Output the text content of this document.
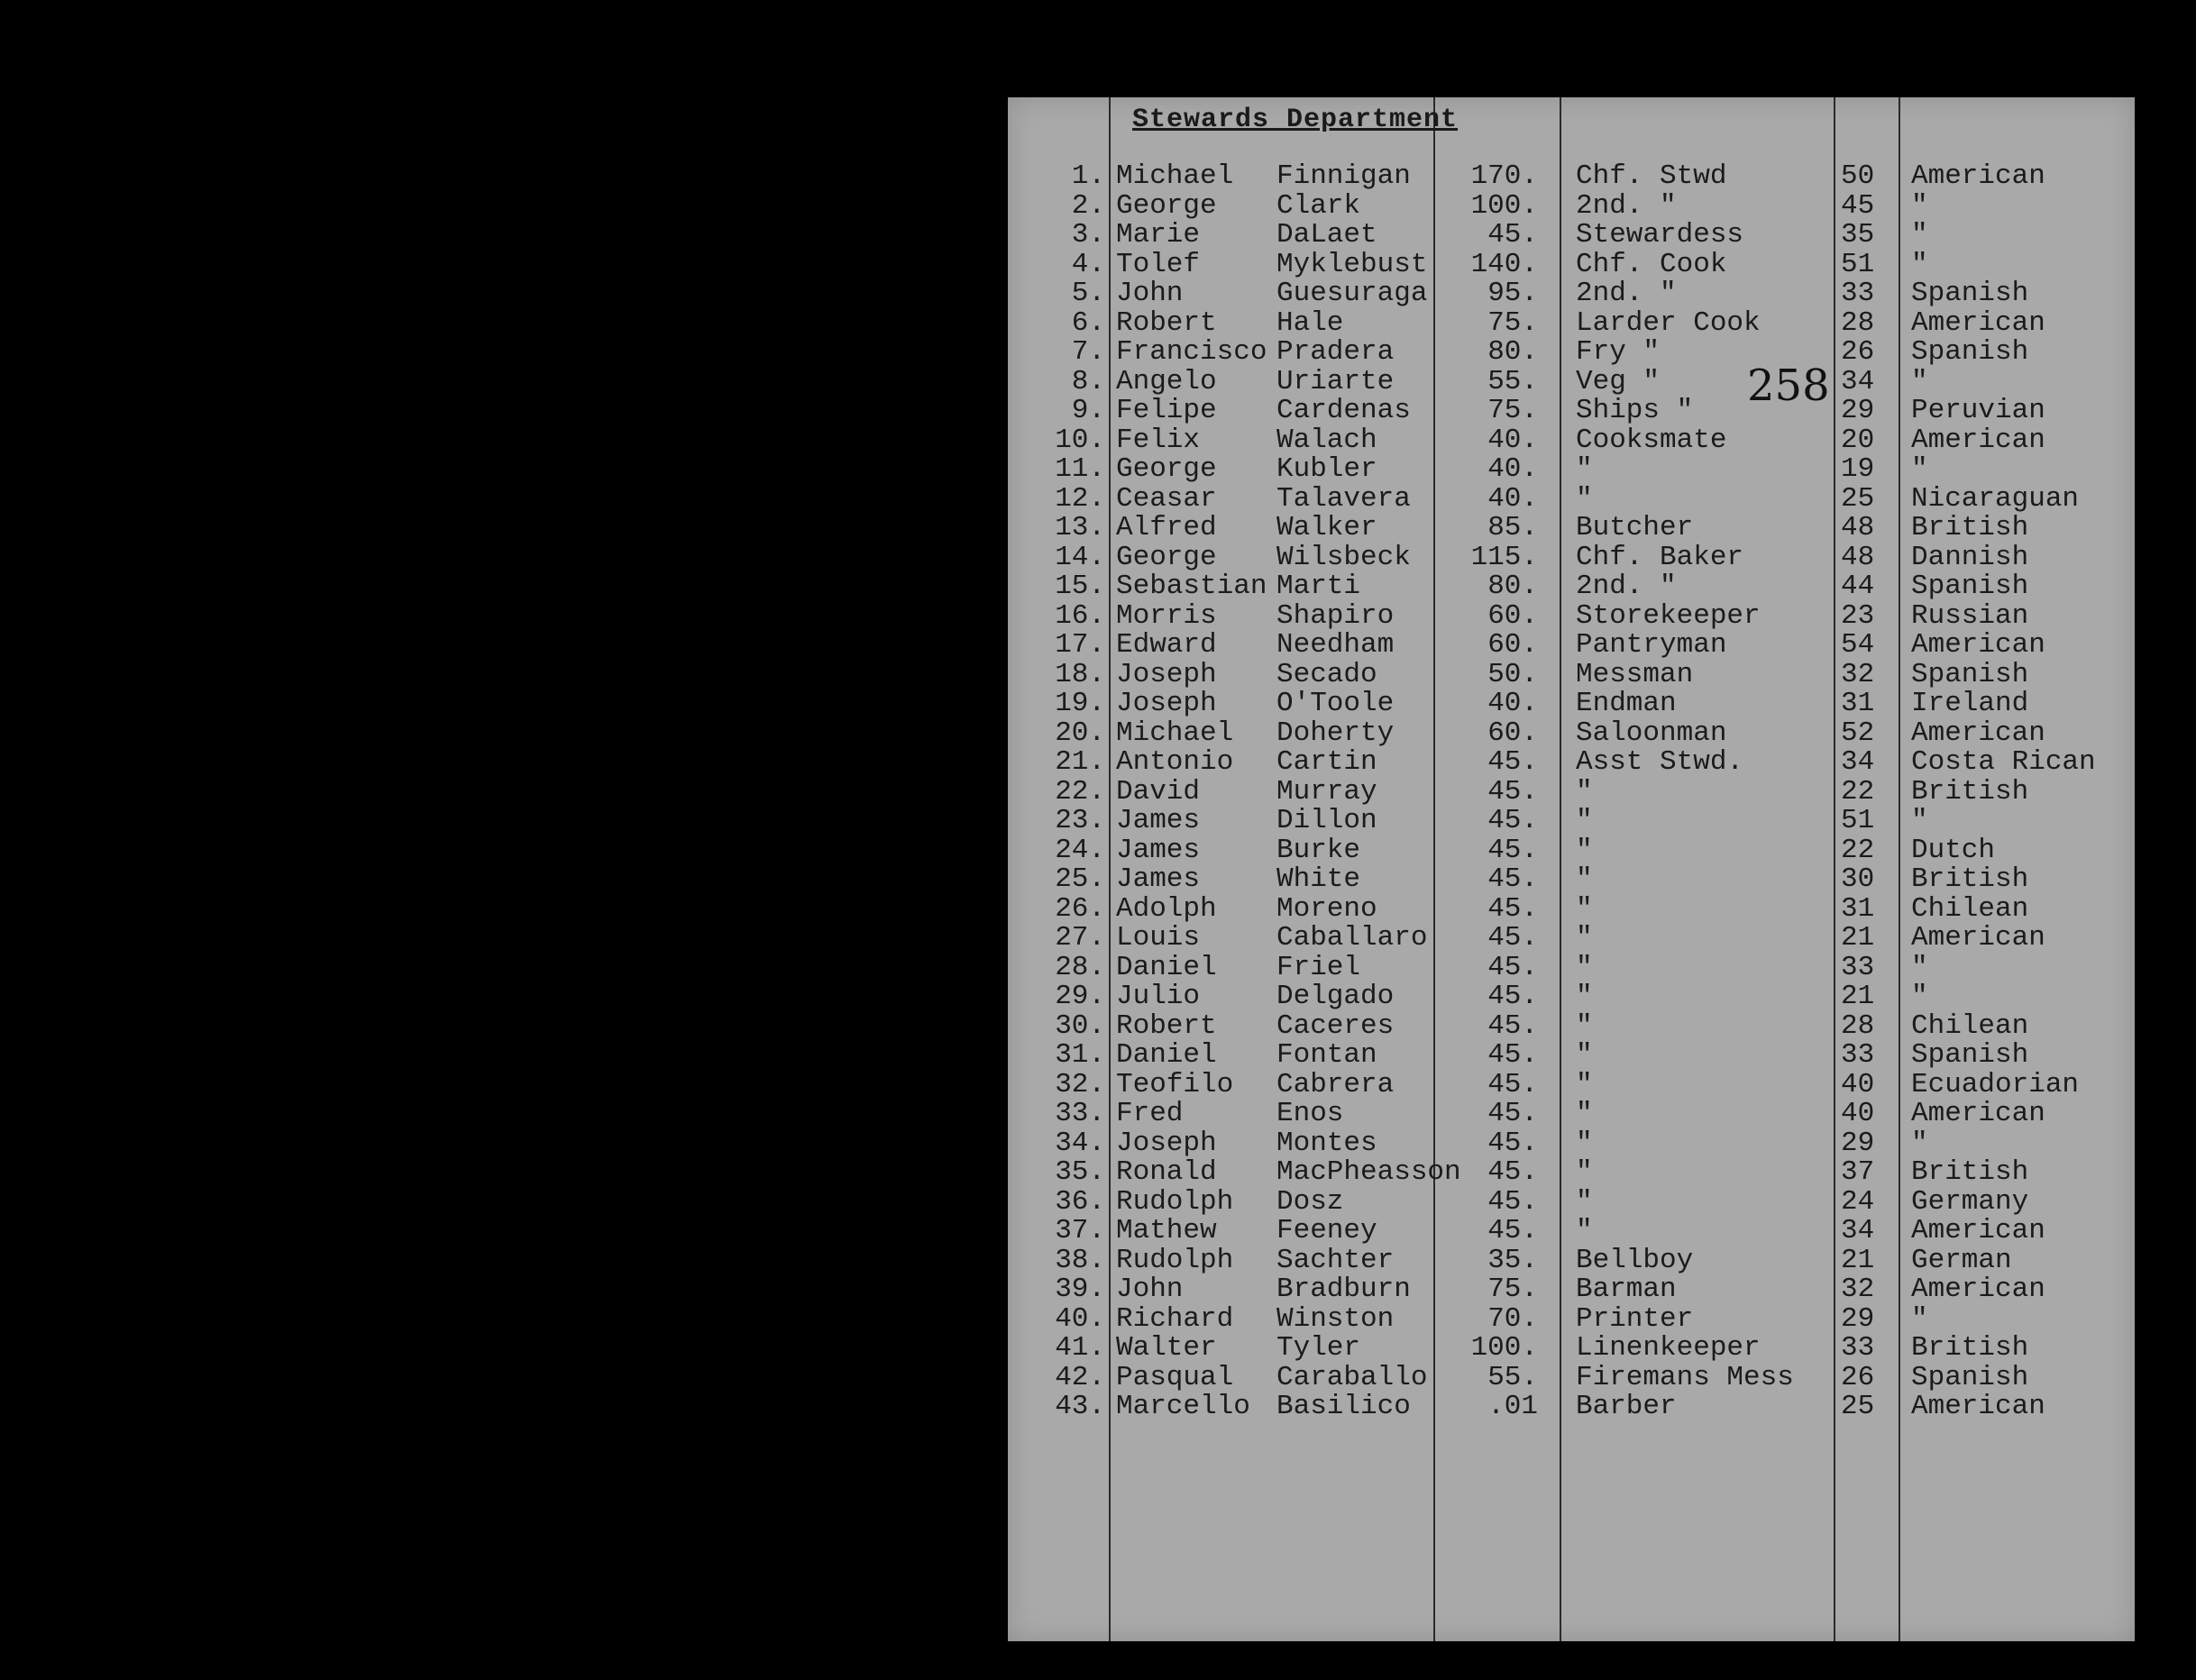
Stewards Department
258
1. Michael Finnigan	170. Chf. Stwd	50 American
2. George Clark	100. 2nd. "	45 "
3. Marie	DaLaet	45. Stewardess	35 "
4. Tolef	Myklebust	140. Chf. Cook	51 "
5. John	Guesuraga	95. 2nd. "	33 Spanish
6. Robert Hale	75. Larder Cook	28 American
7. Francisco Pradera	80. Fry "	26 Spanish
8. Angelo Uriarte	55. Veg "	34 "
9. Felipe Cardenas	75. Ships "	29 Peruvian
10. Felix	Walach	40. Cooksmate	20 American
11. George Kubler	40. "	19 "
12. Ceasar Talavera	40. "	25 Nicaraguan
13. Alfred Walker	85. Butcher	48 British
14. George Wilsbeck	115. Chf. Baker	48 Dannish
15. Sebastian Marti	80. 2nd. "	44 Spanish
16. Morris Shapiro	60. Storekeeper	23 Russian
17. Edward Needham	60. Pantryman	54 American
18. Joseph Secado	50. Messman	32 Spanish
19. Joseph O'Toole	40. Endman	31 Ireland
20. Michael Doherty	60. Saloonman	52 American
21. Antonio Cartin	45. Asst Stwd.	34 Costa Rican
22. David	Murray	45. "	22 British
23. James	Dillon	45. "	51 "
24. James	Burke	45. "	22 Dutch
25. James	White	45. "	30 British
26. Adolph Moreno	45. "	31 Chilean
27. Louis	Caballaro	45. "	21 American
28. Daniel Friel	45. "	33 "
29. Julio	Delgado	45. "	21 "
30. Robert Caceres	45. "	28 Chilean
31. Daniel Fontan	45. "	33 Spanish
32. Teofilo Cabrera	45. "	40 Ecuadorian
33. Fred	Enos	45. "	40 American
34. Joseph Montes	45. "	29 "
35. Ronald MacPheasson 45. "	37 British
36. Rudolph Dosz	45. "	24 Germany
37. Mathew Feeney	45. "	34 American
38. Rudolph Sachter	35. Bellboy	21 German
39. John	Bradburn	75. Barman	32 American
40. Richard Winston	70. Printer	29 "
41. Walter Tyler	100. Linenkeeper	33 British
42. Pasqual Caraballo	55. Firemans Mess 26 Spanish
43. Marcello Basilico	.01 Barber	25 American
